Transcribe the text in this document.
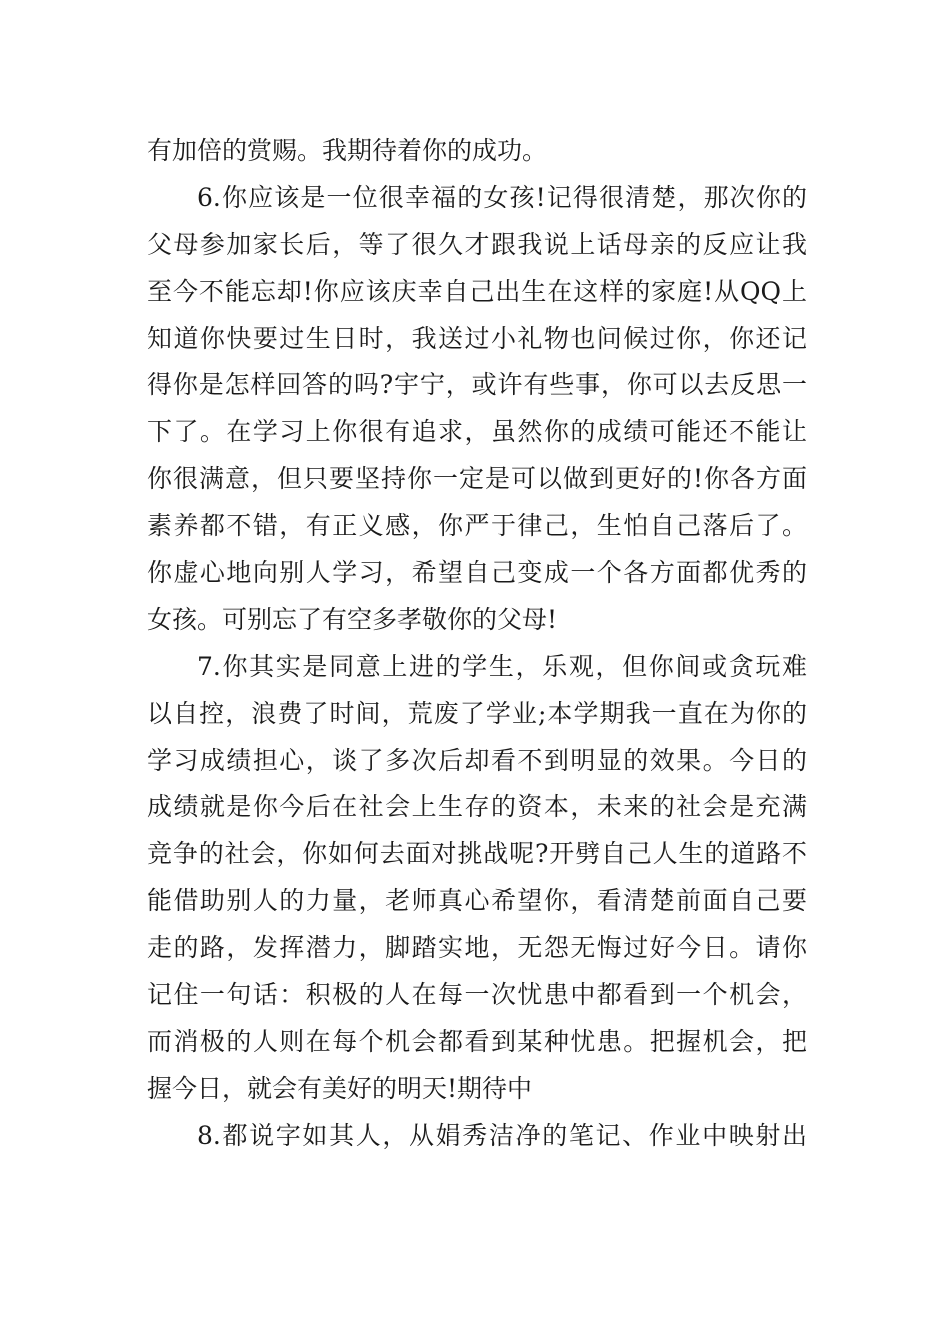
有加倍的赏赐。我期待着你的成功。
6.你应该是一位很幸福的女孩!记得很清楚，那次你的
父母参加家长后，等了很久才跟我说上话母亲的反应让我
至今不能忘却!你应该庆幸自己出生在这样的家庭!从QQ上
知道你快要过生日时，我送过小礼物也问候过你，你还记
得你是怎样回答的吗?宇宁，或许有些事，你可以去反思一
下了。在学习上你很有追求，虽然你的成绩可能还不能让
你很满意，但只要坚持你一定是可以做到更好的!你各方面
素养都不错，有正义感，你严于律己，生怕自己落后了。
你虚心地向别人学习，希望自己变成一个各方面都优秀的
女孩。可别忘了有空多孝敬你的父母!
7.你其实是同意上进的学生，乐观，但你间或贪玩难
以自控，浪费了时间，荒废了学业;本学期我一直在为你的
学习成绩担心，谈了多次后却看不到明显的效果。今日的
成绩就是你今后在社会上生存的资本，未来的社会是充满
竞争的社会，你如何去面对挑战呢?开劈自己人生的道路不
能借助别人的力量，老师真心希望你，看清楚前面自己要
走的路，发挥潜力，脚踏实地，无怨无悔过好今日。请你
记住一句话：积极的人在每一次忧患中都看到一个机会，
而消极的人则在每个机会都看到某种忧患。把握机会，把
握今日，就会有美好的明天!期待中
8.都说字如其人，从娟秀洁净的笔记、作业中映射出
